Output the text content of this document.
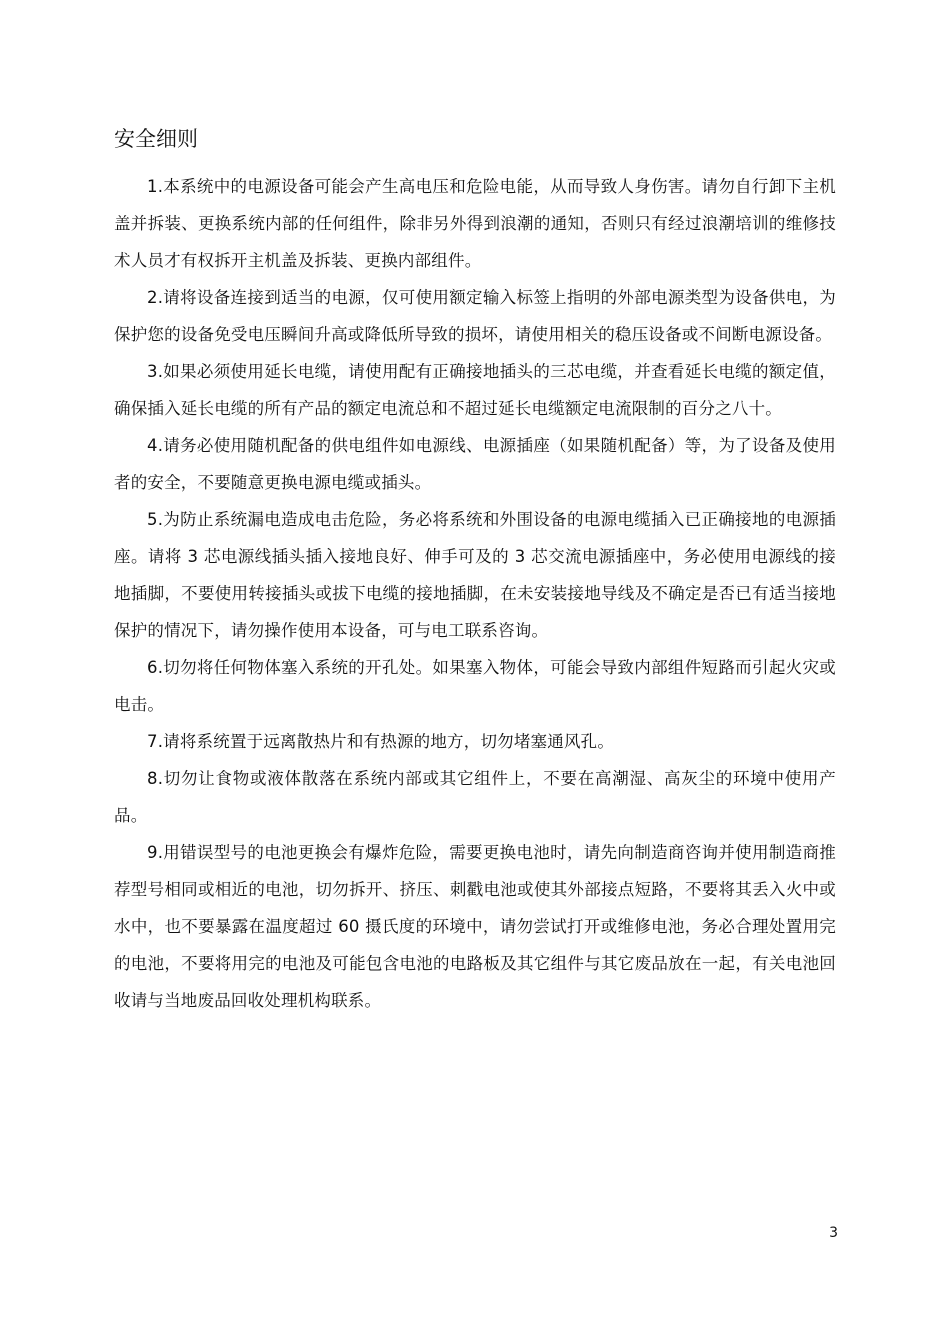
安全细则

1.本系统中的电源设备可能会产生高电压和危险电能，从而导致人身伤害。请勿自行卸下主机盖并拆装、更换系统内部的任何组件，除非另外得到浪潮的通知，否则只有经过浪潮培训的维修技术人员才有权拆开主机盖及拆装、更换内部组件。

2.请将设备连接到适当的电源，仅可使用额定输入标签上指明的外部电源类型为设备供电，为保护您的设备免受电压瞬间升高或降低所导致的损坏，请使用相关的稳压设备或不间断电源设备。

3.如果必须使用延长电缆，请使用配有正确接地插头的三芯电缆，并查看延长电缆的额定值，确保插入延长电缆的所有产品的额定电流总和不超过延长电缆额定电流限制的百分之八十。

4.请务必使用随机配备的供电组件如电源线、电源插座（如果随机配备）等，为了设备及使用者的安全，不要随意更换电源电缆或插头。

5.为防止系统漏电造成电击危险，务必将系统和外围设备的电源电缆插入已正确接地的电源插座。请将 3 芯电源线插头插入接地良好、伸手可及的 3 芯交流电源插座中，务必使用电源线的接地插脚，不要使用转接插头或拔下电缆的接地插脚，在未安装接地导线及不确定是否已有适当接地保护的情况下，请勿操作使用本设备，可与电工联系咨询。

6.切勿将任何物体塞入系统的开孔处。如果塞入物体，可能会导致内部组件短路而引起火灾或电击。

7.请将系统置于远离散热片和有热源的地方，切勿堵塞通风孔。

8.切勿让食物或液体散落在系统内部或其它组件上，不要在高潮湿、高灰尘的环境中使用产品。

9.用错误型号的电池更换会有爆炸危险，需要更换电池时，请先向制造商咨询并使用制造商推荐型号相同或相近的电池，切勿拆开、挤压、刺戳电池或使其外部接点短路，不要将其丢入火中或水中，也不要暴露在温度超过 60 摄氏度的环境中，请勿尝试打开或维修电池，务必合理处置用完的电池，不要将用完的电池及可能包含电池的电路板及其它组件与其它废品放在一起，有关电池回收请与当地废品回收处理机构联系。

3
